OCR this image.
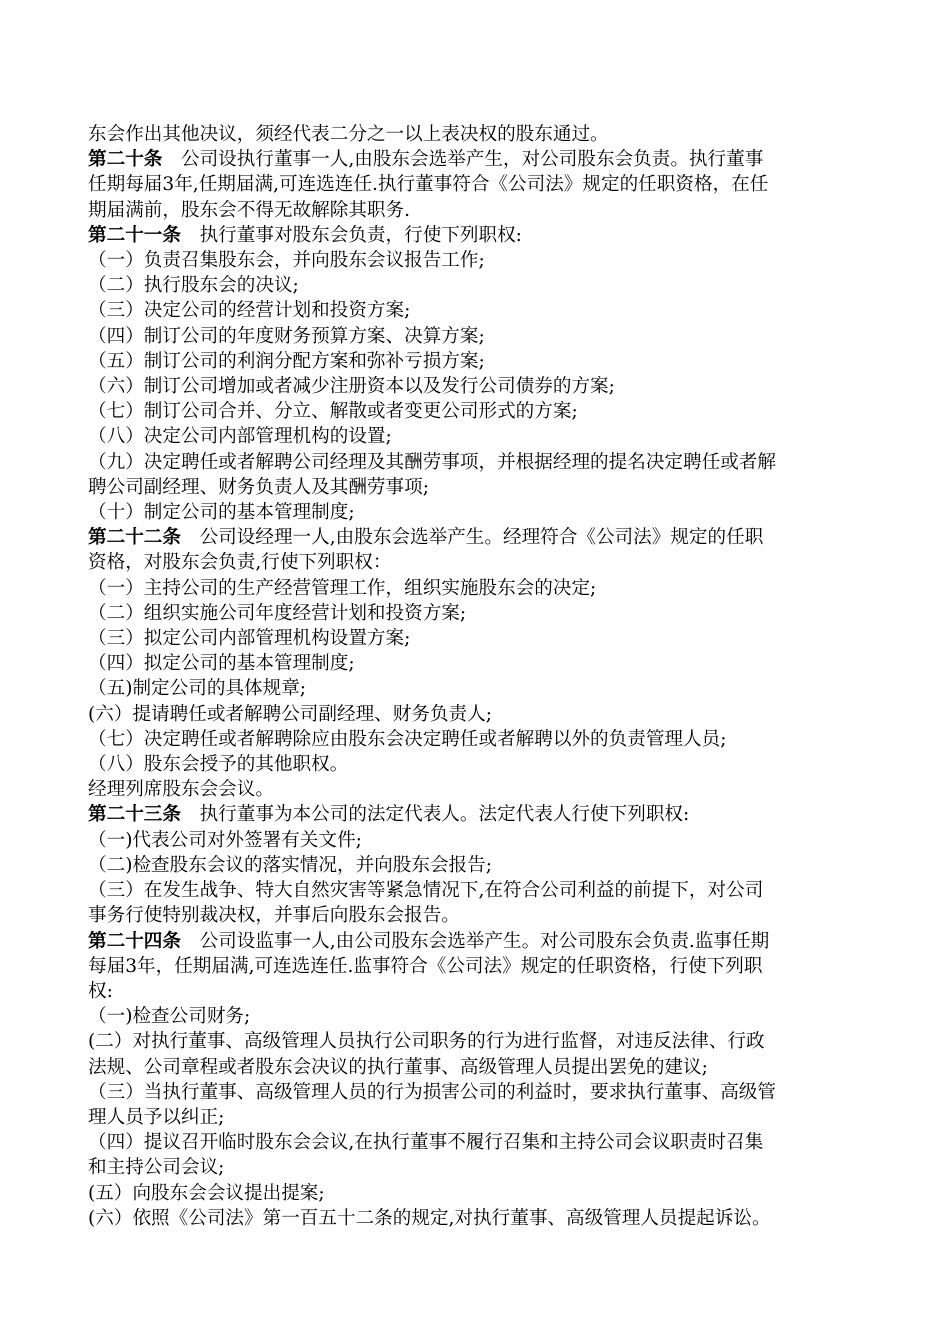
东会作出其他决议，须经代表二分之一以上表决权的股东通过。
第二十条　公司设执行董事一人,由股东会选举产生，对公司股东会负责。执行董事
任期每届3年,任期届满,可连选连任.执行董事符合《公司法》规定的任职资格，在任
期届满前，股东会不得无故解除其职务.
第二十一条　执行董事对股东会负责，行使下列职权:
（一）负责召集股东会，并向股东会议报告工作;
（二）执行股东会的决议;
（三）决定公司的经营计划和投资方案;
（四）制订公司的年度财务预算方案、决算方案;
（五）制订公司的利润分配方案和弥补亏损方案;
（六）制订公司增加或者减少注册资本以及发行公司债券的方案;
（七）制订公司合并、分立、解散或者变更公司形式的方案;
（八）决定公司内部管理机构的设置;
（九）决定聘任或者解聘公司经理及其酬劳事项，并根据经理的提名决定聘任或者解
聘公司副经理、财务负责人及其酬劳事项;
（十）制定公司的基本管理制度;
第二十二条　公司设经理一人,由股东会选举产生。经理符合《公司法》规定的任职
资格，对股东会负责,行使下列职权：
（一）主持公司的生产经营管理工作，组织实施股东会的决定;
（二）组织实施公司年度经营计划和投资方案;
（三）拟定公司内部管理机构设置方案;
（四）拟定公司的基本管理制度;
（五)制定公司的具体规章;
(六）提请聘任或者解聘公司副经理、财务负责人;
（七）决定聘任或者解聘除应由股东会决定聘任或者解聘以外的负责管理人员;
（八）股东会授予的其他职权。
经理列席股东会会议。
第二十三条　执行董事为本公司的法定代表人。法定代表人行使下列职权:
（一)代表公司对外签署有关文件;
（二)检查股东会议的落实情况，并向股东会报告;
（三）在发生战争、特大自然灾害等紧急情况下,在符合公司利益的前提下，对公司
事务行使特别裁决权，并事后向股东会报告。
第二十四条　公司设监事一人,由公司股东会选举产生。对公司股东会负责.监事任期
每届3年，任期届满,可连选连任.监事符合《公司法》规定的任职资格，行使下列职
权:
（一)检查公司财务;
(二）对执行董事、高级管理人员执行公司职务的行为进行监督，对违反法律、行政
法规、公司章程或者股东会决议的执行董事、高级管理人员提出罢免的建议;
（三）当执行董事、高级管理人员的行为损害公司的利益时，要求执行董事、高级管
理人员予以纠正;
（四）提议召开临时股东会会议,在执行董事不履行召集和主持公司会议职责时召集
和主持公司会议;
(五）向股东会会议提出提案;
(六）依照《公司法》第一百五十二条的规定,对执行董事、高级管理人员提起诉讼。
